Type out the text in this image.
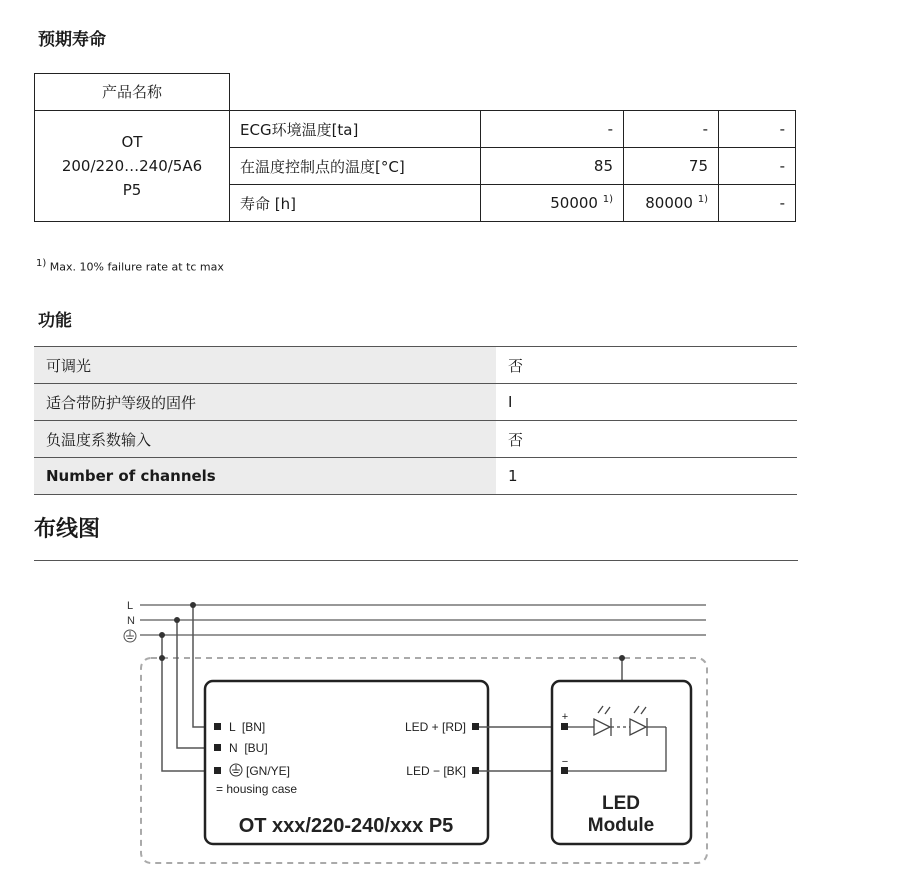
预期寿命
产品名称				

OT
200/220…240/5A6
P5	ECG环境温度[ta]	-	-	-
	在温度控制点的温度[°C]	85	75	-
	寿命 [h]	50000 $^{1)}$	80000 $^{1)}$	-
$^{1)}$ Max. 10% failure rate at tc max
功能
可调光	否
适合带防护等级的固件	I
负温度系数输入	否
Number of channels	1
布线图
L
N
L  [BN]
N  [BU]
[GN/YE]
= housing case
LED + [RD]
LED − [BK]
OT xxx/220-240/xxx P5
+
−
LED
Module
